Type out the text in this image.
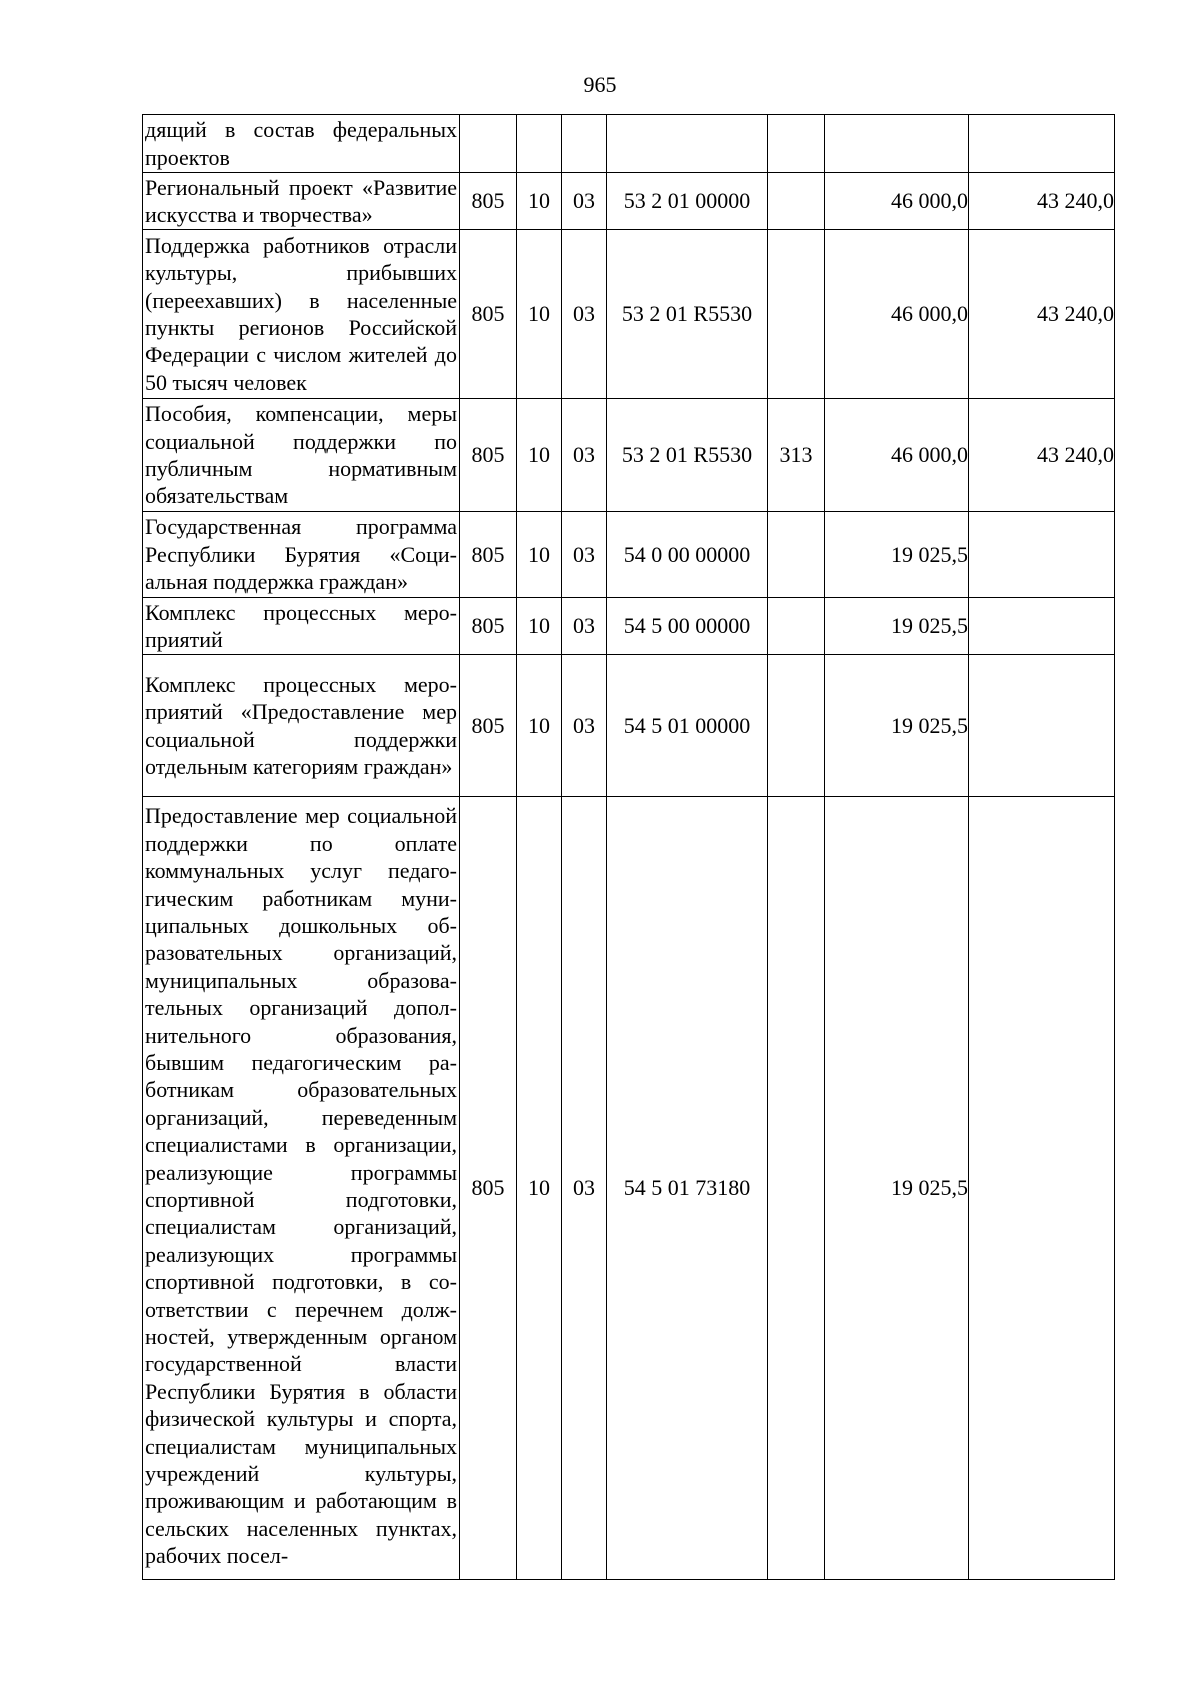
965
дящий в состав федеральных проектов							
Региональный проект «Развитие искусства и творчества»	805	10	03	53 2 01 00000		46 000,0	43 240,0
Поддержка работников отрасли культуры, прибывших (переехавших) в населенные пункты регионов Российской Федерации с числом жителей до 50 тысяч человек	805	10	03	53 2 01 R5530		46 000,0	43 240,0
Пособия, компенсации, меры социальной поддержки по публичным нормативным обязательствам	805	10	03	53 2 01 R5530	313	46 000,0	43 240,0
Государственная программа Республики Бурятия «Социальная поддержка граждан»	805	10	03	54 0 00 00000		19 025,5	
Комплекс процессных мероприятий	805	10	03	54 5 00 00000		19 025,5	
Комплекс процессных мероприятий «Предоставление мер социальной поддержки отдельным категориям граждан»	805	10	03	54 5 01 00000		19 025,5	
Предоставление мер социальной поддержки по оплате коммунальных услуг педагогическим работникам муниципальных дошкольных образовательных организаций, муниципальных образовательных организаций дополнительного образования, бывшим педагогическим работникам образовательных организаций, переведенным специалистами в организации, реализующие программы спортивной подготовки, специалистам организаций, реализующих программы спортивной подготовки, в соответствии с перечнем должностей, утвержденным органом государственной власти Республики Бурятия в области физической культуры и спорта, специалистам муниципальных учреждений культуры, проживающим и работающим в сельских населенных пунктах, рабочих посел-	805	10	03	54 5 01 73180		19 025,5	
